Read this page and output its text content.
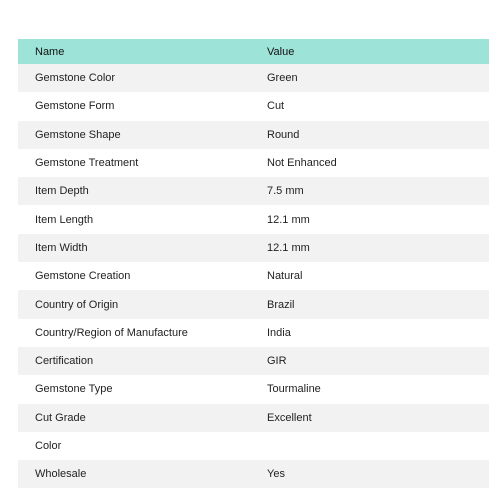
Name	Value
Gemstone Color	Green
Gemstone Form	Cut
Gemstone Shape	Round
Gemstone Treatment	Not Enhanced
Item Depth	7.5 mm
Item Length	12.1 mm
Item Width	12.1 mm
Gemstone Creation	Natural
Country of Origin	Brazil
Country/Region of Manufacture	India
Certification	GIR
Gemstone Type	Tourmaline
Cut Grade	Excellent
Color	
Wholesale	Yes
